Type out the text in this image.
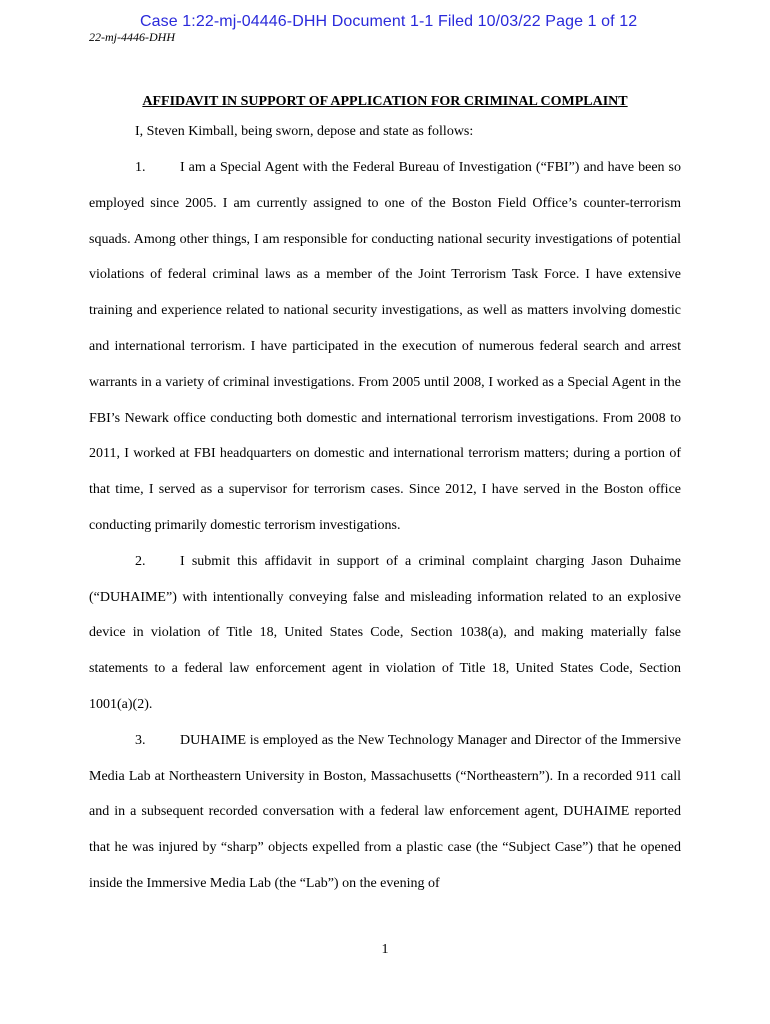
Case 1:22-mj-04446-DHH Document 1-1 Filed 10/03/22 Page 1 of 12
22-mj-4446-DHH
AFFIDAVIT IN SUPPORT OF APPLICATION FOR CRIMINAL COMPLAINT

I, Steven Kimball, being sworn, depose and state as follows:

1. I am a Special Agent with the Federal Bureau of Investigation (“FBI”) and have been so employed since 2005. I am currently assigned to one of the Boston Field Office’s counter-terrorism squads. Among other things, I am responsible for conducting national security investigations of potential violations of federal criminal laws as a member of the Joint Terrorism Task Force. I have extensive training and experience related to national security investigations, as well as matters involving domestic and international terrorism. I have participated in the execution of numerous federal search and arrest warrants in a variety of criminal investigations. From 2005 until 2008, I worked as a Special Agent in the FBI’s Newark office conducting both domestic and international terrorism investigations. From 2008 to 2011, I worked at FBI headquarters on domestic and international terrorism matters; during a portion of that time, I served as a supervisor for terrorism cases. Since 2012, I have served in the Boston office conducting primarily domestic terrorism investigations.

2. I submit this affidavit in support of a criminal complaint charging Jason Duhaime (“DUHAIME”) with intentionally conveying false and misleading information related to an explosive device in violation of Title 18, United States Code, Section 1038(a), and making materially false statements to a federal law enforcement agent in violation of Title 18, United States Code, Section 1001(a)(2).

3. DUHAIME is employed as the New Technology Manager and Director of the Immersive Media Lab at Northeastern University in Boston, Massachusetts (“Northeastern”). In a recorded 911 call and in a subsequent recorded conversation with a federal law enforcement agent, DUHAIME reported that he was injured by “sharp” objects expelled from a plastic case (the “Subject Case”) that he opened inside the Immersive Media Lab (the “Lab”) on the evening of

1
